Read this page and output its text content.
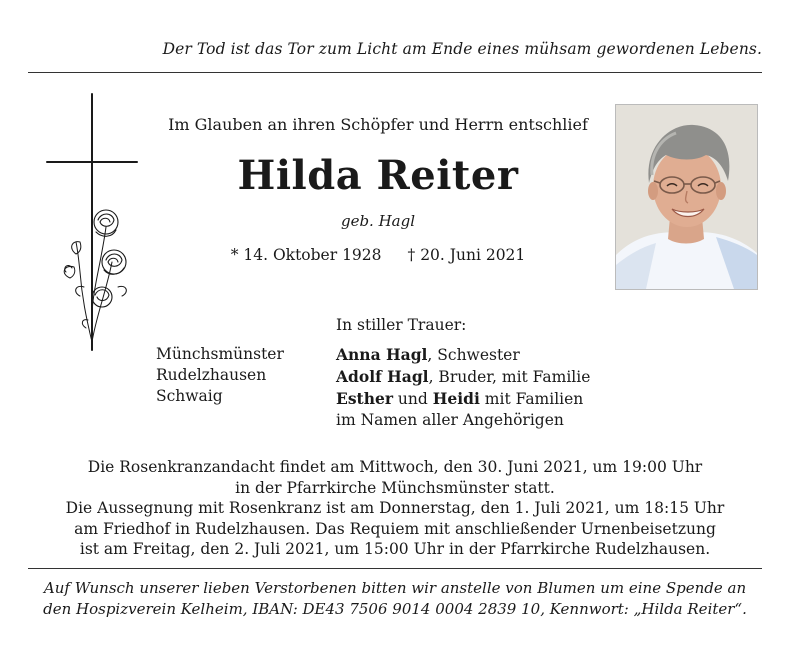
Der Tod ist das Tor zum Licht am Ende eines mühsam gewordenen Lebens.
Im Glauben an ihren Schöpfer und Herrn entschlief
Hilda Reiter
geb. Hagl
* 14. Oktober 1928 † 20. Juni 2021
In stiller Trauer:
Münchsmünster
Rudelzhausen
Schwaig
Anna Hagl, Schwester
Adolf Hagl, Bruder, mit Familie
Esther und Heidi mit Familien
im Namen aller Angehörigen
Die Rosenkranzandacht findet am Mittwoch, den 30. Juni 2021, um 19:00 Uhr
in der Pfarrkirche Münchsmünster statt.
Die Aussegnung mit Rosenkranz ist am Donnerstag, den 1. Juli 2021, um 18:15 Uhr
am Friedhof in Rudelzhausen. Das Requiem mit anschließender Urnenbeisetzung
ist am Freitag, den 2. Juli 2021, um 15:00 Uhr in der Pfarrkirche Rudelzhausen.
Auf Wunsch unserer lieben Verstorbenen bitten wir anstelle von Blumen um eine Spende an
den Hospizverein Kelheim, IBAN: DE43 7506 9014 0004 2839 10, Kennwort: „Hilda Reiter“.
